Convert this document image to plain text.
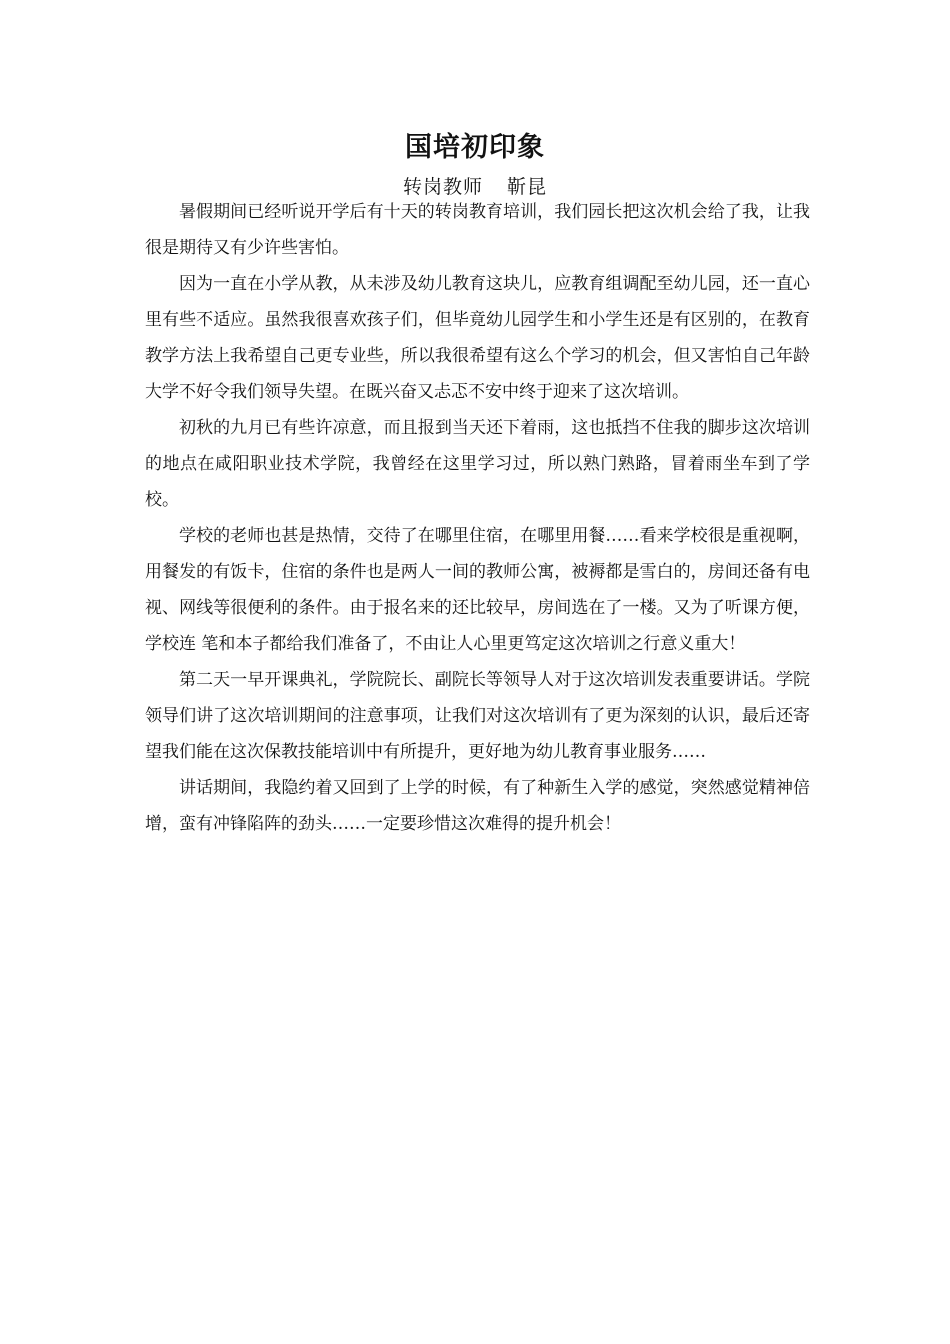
国培初印象
转岗教师 靳昆

暑假期间已经听说开学后有十天的转岗教育培训，我们园长把这次机会给了我，让我很是期待又有少许些害怕。

因为一直在小学从教，从未涉及幼儿教育这块儿，应教育组调配至幼儿园，还一直心里有些不适应。虽然我很喜欢孩子们，但毕竟幼儿园学生和小学生还是有区别的，在教育教学方法上我希望自己更专业些，所以我很希望有这么个学习的机会，但又害怕自己年龄大学不好令我们领导失望。在既兴奋又忐忑不安中终于迎来了这次培训。

初秋的九月已有些许凉意，而且报到当天还下着雨，这也抵挡不住我的脚步这次培训的地点在咸阳职业技术学院，我曾经在这里学习过，所以熟门熟路，冒着雨坐车到了学校。

学校的老师也甚是热情，交待了在哪里住宿，在哪里用餐……看来学校很是重视啊，用餐发的有饭卡，住宿的条件也是两人一间的教师公寓，被褥都是雪白的，房间还备有电视、网线等很便利的条件。由于报名来的还比较早，房间选在了一楼。又为了听课方便，学校连 笔和本子都给我们准备了，不由让人心里更笃定这次培训之行意义重大！

第二天一早开课典礼，学院院长、副院长等领导人对于这次培训发表重要讲话。学院领导们讲了这次培训期间的注意事项，让我们对这次培训有了更为深刻的认识，最后还寄望我们能在这次保教技能培训中有所提升，更好地为幼儿教育事业服务……

讲话期间，我隐约着又回到了上学的时候，有了种新生入学的感觉，突然感觉精神倍增，蛮有冲锋陷阵的劲头……一定要珍惜这次难得的提升机会！
